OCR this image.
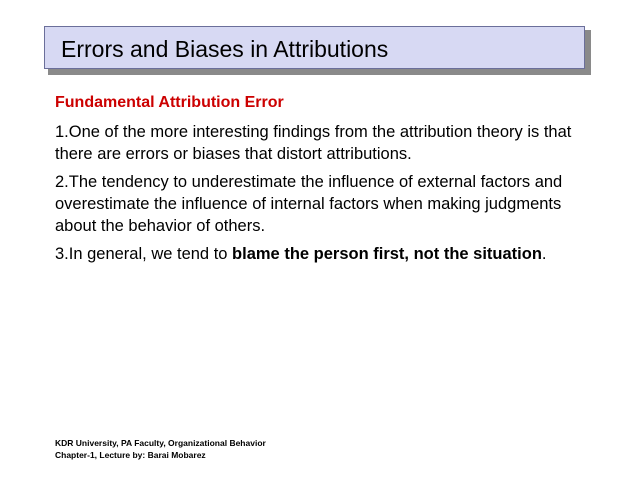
Errors and Biases in Attributions
Fundamental Attribution Error
1.One of the more interesting findings from the attribution theory is that there are errors or biases that distort attributions.
2.The tendency to underestimate the influence of external factors and overestimate the influence of internal factors when making judgments about the behavior of others.
3.In general, we tend to blame the person first, not the situation.
KDR University, PA Faculty, Organizational Behavior
Chapter-1, Lecture by: Barai Mobarez
